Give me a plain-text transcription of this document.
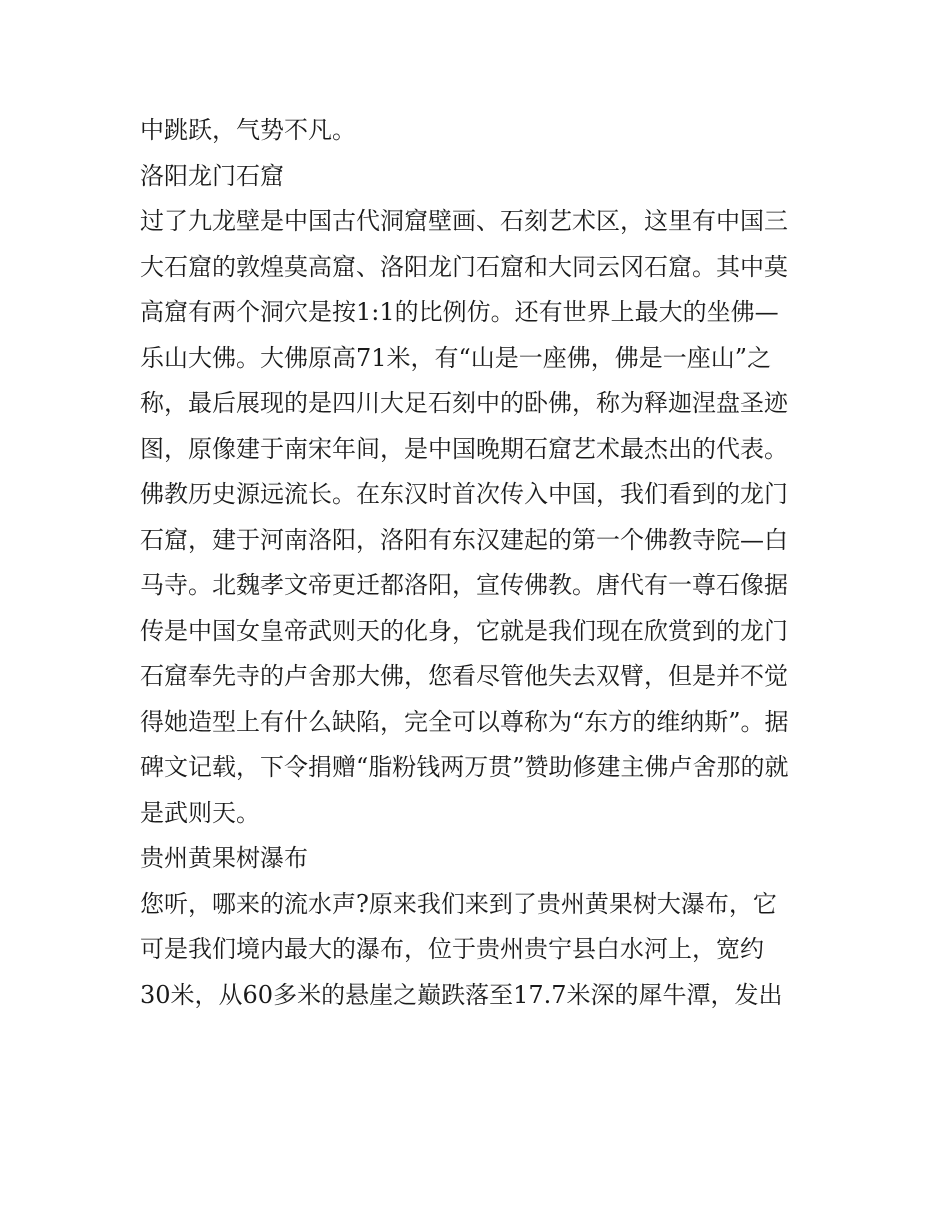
中跳跃，气势不凡。
洛阳龙门石窟
过了九龙壁是中国古代洞窟壁画、石刻艺术区，这里有中国三
大石窟的敦煌莫高窟、洛阳龙门石窟和大同云冈石窟。其中莫
高窟有两个洞穴是按1:1的比例仿。还有世界上最大的坐佛—
乐山大佛。大佛原高71米，有“山是一座佛，佛是一座山”之
称，最后展现的是四川大足石刻中的卧佛，称为释迦涅盘圣迹
图，原像建于南宋年间，是中国晚期石窟艺术最杰出的代表。
佛教历史源远流长。在东汉时首次传入中国，我们看到的龙门
石窟，建于河南洛阳，洛阳有东汉建起的第一个佛教寺院—白
马寺。北魏孝文帝更迁都洛阳，宣传佛教。唐代有一尊石像据
传是中国女皇帝武则天的化身，它就是我们现在欣赏到的龙门
石窟奉先寺的卢舍那大佛，您看尽管他失去双臂，但是并不觉
得她造型上有什么缺陷，完全可以尊称为“东方的维纳斯”。据
碑文记载，下令捐赠“脂粉钱两万贯”赞助修建主佛卢舍那的就
是武则天。
贵州黄果树瀑布
您听，哪来的流水声?原来我们来到了贵州黄果树大瀑布，它
可是我们境内最大的瀑布，位于贵州贵宁县白水河上，宽约
30米，从60多米的悬崖之巅跌落至17.7米深的犀牛潭，发出
